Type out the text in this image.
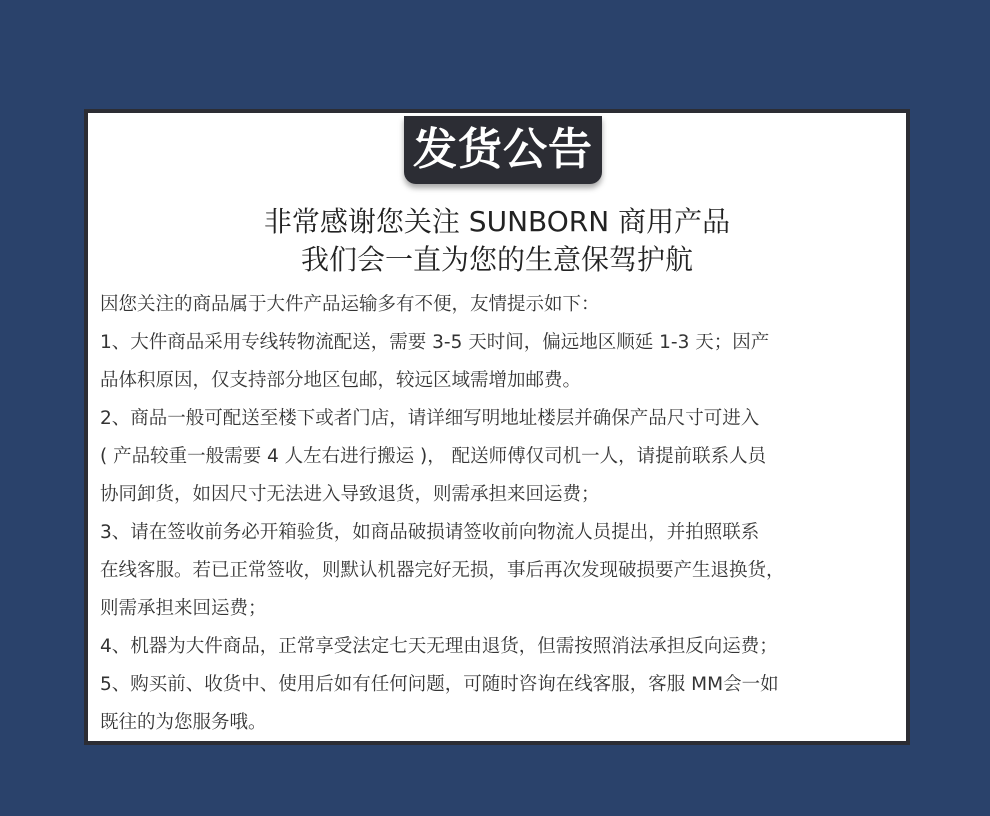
发货公告
非常感谢您关注 SUNBORN 商用产品
我们会一直为您的生意保驾护航

因您关注的商品属于大件产品运输多有不便，友情提示如下：

1、大件商品采用专线转物流配送，需要 3-5 天时间，偏远地区顺延 1-3 天；因产

品体积原因，仅支持部分地区包邮，较远区域需增加邮费。

2、商品一般可配送至楼下或者门店，请详细写明地址楼层并确保产品尺寸可进入

( 产品较重一般需要 4 人左右进行搬运 )， 配送师傅仅司机一人，请提前联系人员

协同卸货，如因尺寸无法进入导致退货，则需承担来回运费；

3、请在签收前务必开箱验货，如商品破损请签收前向物流人员提出，并拍照联系

在线客服。若已正常签收，则默认机器完好无损，事后再次发现破损要产生退换货，

则需承担来回运费；

4、机器为大件商品，正常享受法定七天无理由退货，但需按照消法承担反向运费；

5、购买前、收货中、使用后如有任何问题，可随时咨询在线客服，客服 MM会一如

既往的为您服务哦。
